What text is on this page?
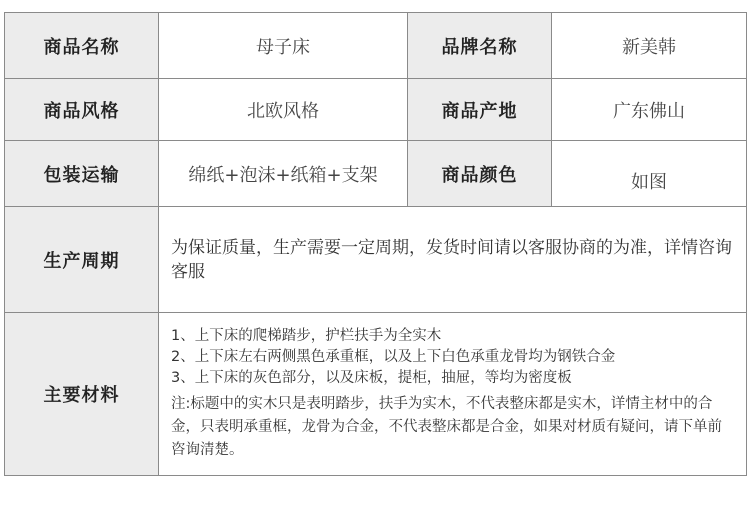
商品名称	母子床	品牌名称	新美韩
商品风格	北欧风格	商品产地	广东佛山
包装运输	绵纸+泡沫+纸箱+支架	商品颜色	如图
生产周期	为保证质量，生产需要一定周期，发货时间请以客服协商的为准，详情咨询客服		
主要材料	1、上下床的爬梯踏步，护栏扶手为全实木
2、上下床左右两侧黑色承重框，以及上下白色承重龙骨均为钢铁合金
3、上下床的灰色部分，以及床板，提柜，抽屉，等均为密度板
注:标题中的实木只是表明踏步，扶手为实木，不代表整床都是实木，详情主材中的合金，只表明承重框，龙骨为合金，不代表整床都是合金，如果对材质有疑问，请下单前咨询清楚。		
